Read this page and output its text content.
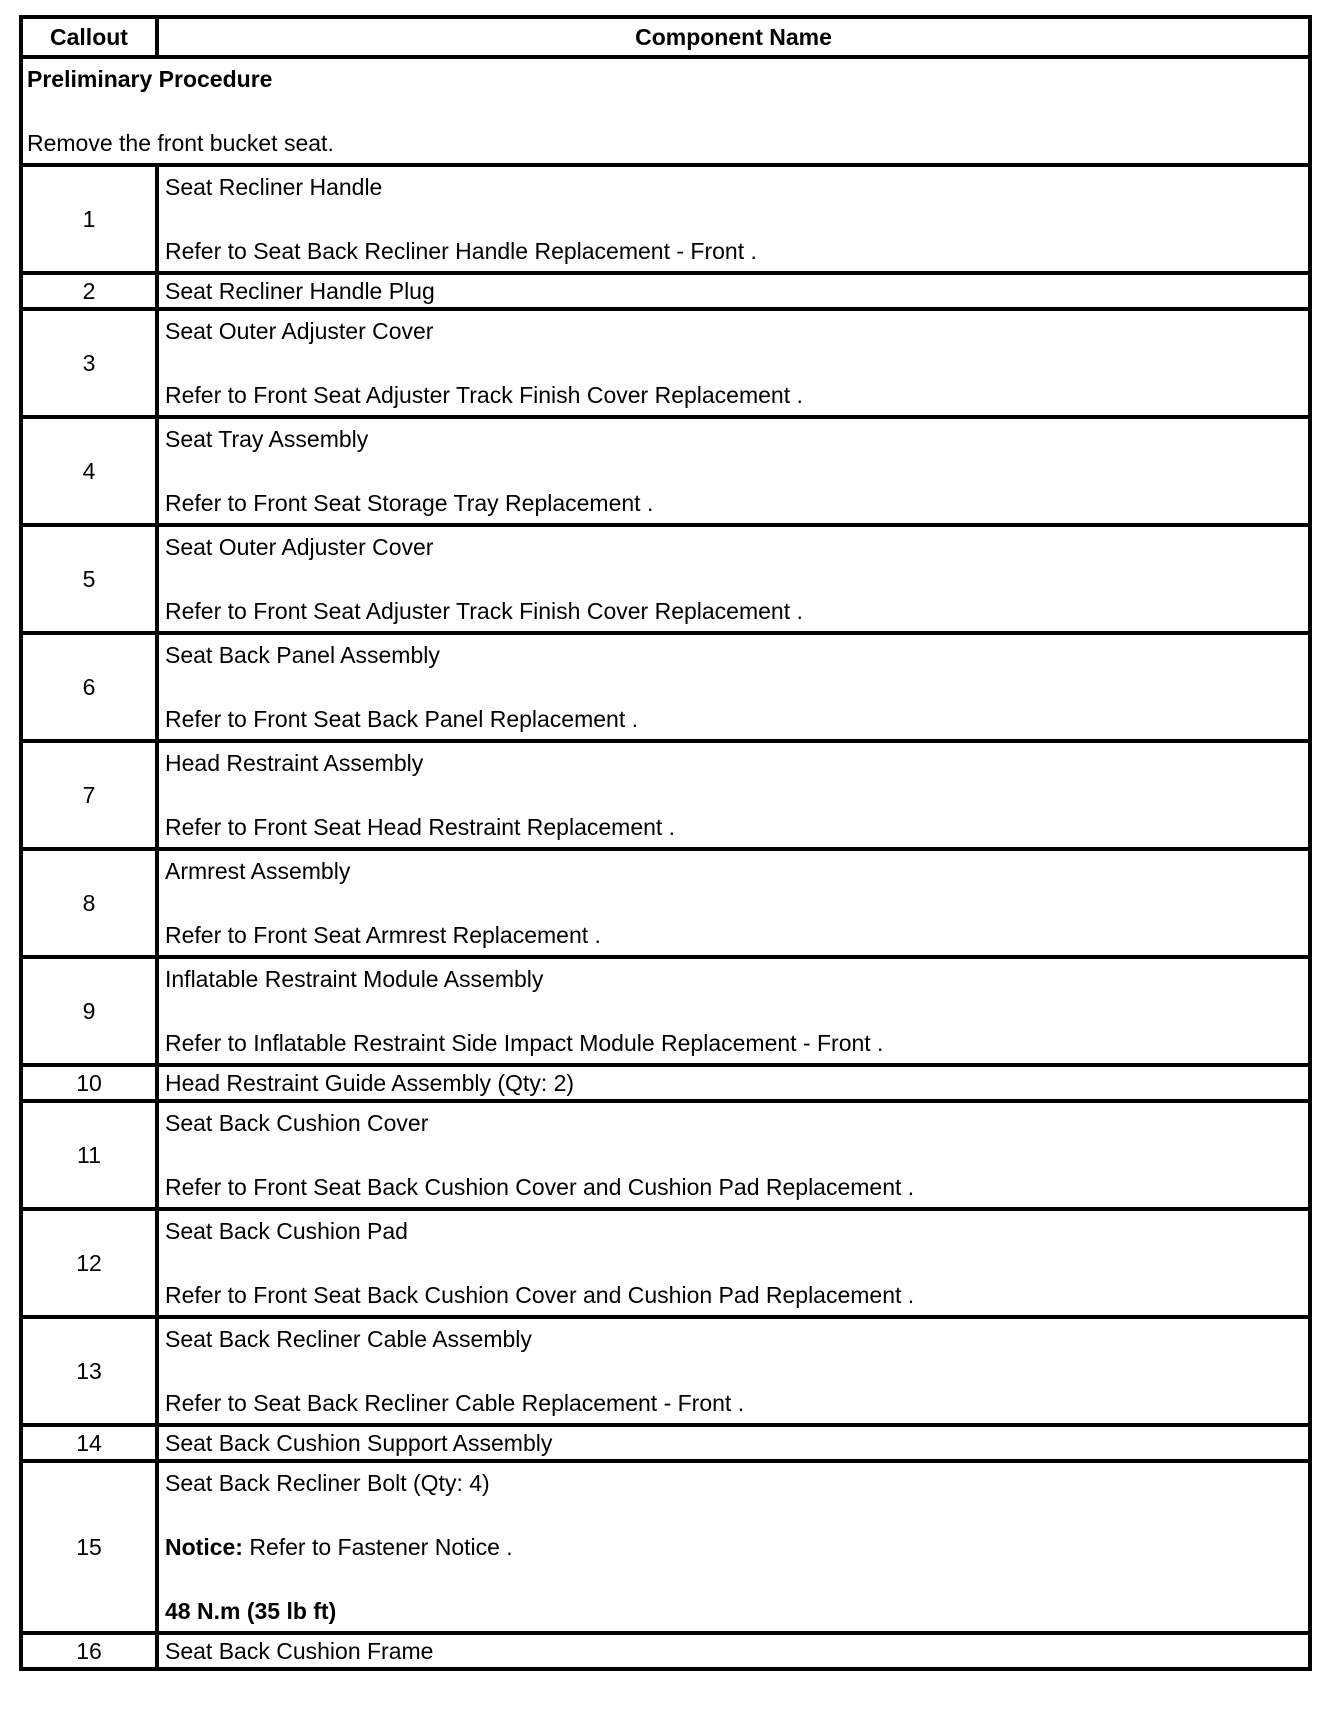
Callout	Component Name

Preliminary Procedure
Remove the front bucket seat.	

1	Seat Recliner Handle
Refer to Seat Back Recliner Handle Replacement - Front .

2	Seat Recliner Handle Plug

3	Seat Outer Adjuster Cover
Refer to Front Seat Adjuster Track Finish Cover Replacement .

4	Seat Tray Assembly
Refer to Front Seat Storage Tray Replacement .

5	Seat Outer Adjuster Cover
Refer to Front Seat Adjuster Track Finish Cover Replacement .

6	Seat Back Panel Assembly
Refer to Front Seat Back Panel Replacement .

7	Head Restraint Assembly
Refer to Front Seat Head Restraint Replacement .

8	Armrest Assembly
Refer to Front Seat Armrest Replacement .

9	Inflatable Restraint Module Assembly
Refer to Inflatable Restraint Side Impact Module Replacement - Front .

10	Head Restraint Guide Assembly (Qty: 2)

11	Seat Back Cushion Cover
Refer to Front Seat Back Cushion Cover and Cushion Pad Replacement .

12	Seat Back Cushion Pad
Refer to Front Seat Back Cushion Cover and Cushion Pad Replacement .

13	Seat Back Recliner Cable Assembly
Refer to Seat Back Recliner Cable Replacement - Front .

14	Seat Back Cushion Support Assembly

15	Seat Back Recliner Bolt (Qty: 4)
Notice: Refer to Fastener Notice .
48 N.m (35 lb ft)

16	Seat Back Cushion Frame
